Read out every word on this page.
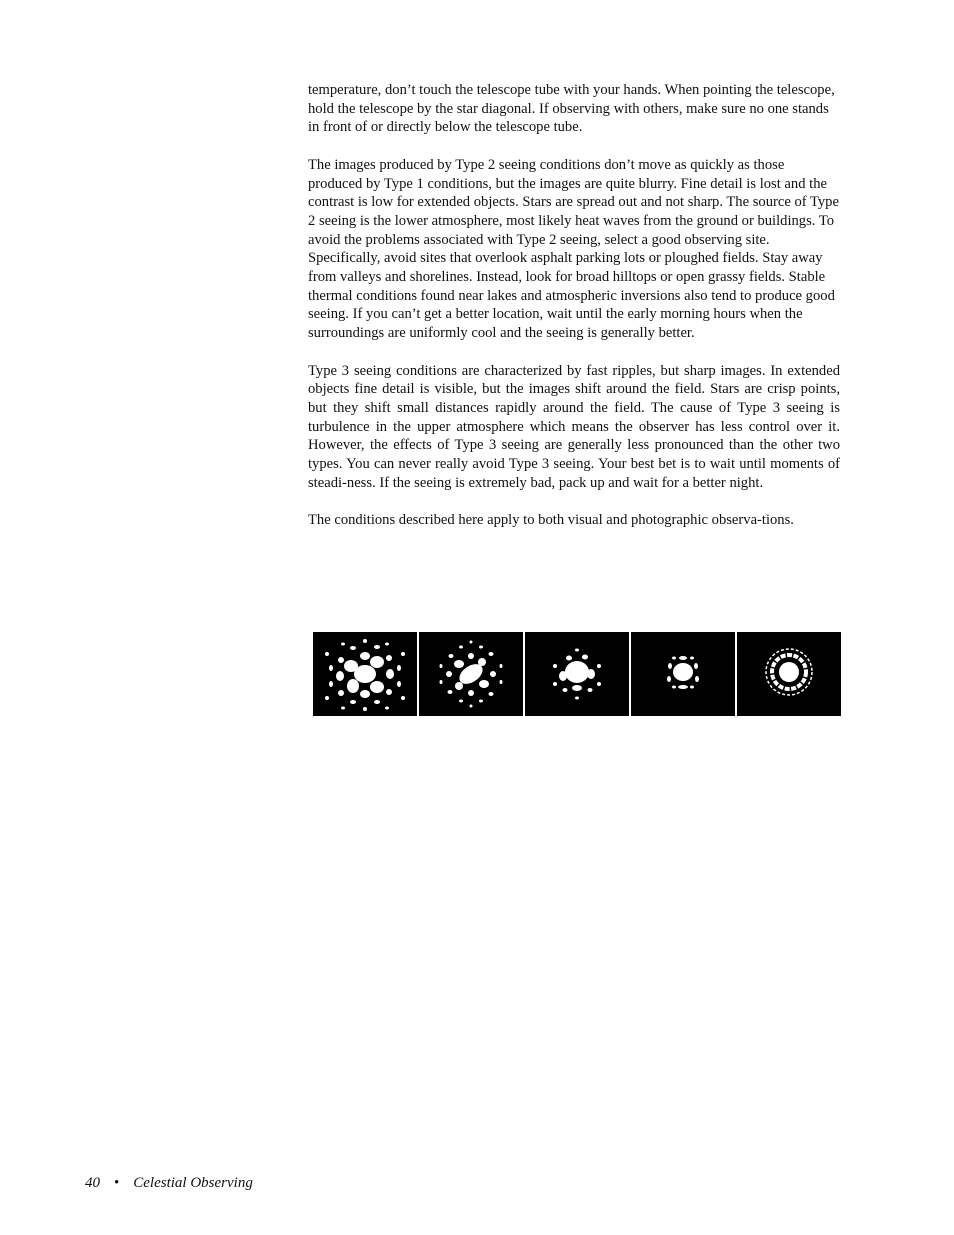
temperature, don’t touch the telescope tube with your hands. When pointing the telescope, hold the telescope by the star diagonal. If observing with others, make sure no one stands in front of or directly below the telescope tube.

The images produced by Type 2 seeing conditions don’t move as quickly as those produced by Type 1 conditions, but the images are quite blurry. Fine detail is lost and the contrast is low for extended objects. Stars are spread out and not sharp. The source of Type 2 seeing is the lower atmosphere, most likely heat waves from the ground or buildings. To avoid the problems associated with Type 2 seeing, select a good observing site. Specifically, avoid sites that overlook asphalt parking lots or ploughed fields. Stay away from valleys and shorelines. Instead, look for broad hilltops or open grassy fields. Stable thermal conditions found near lakes and atmospheric inversions also tend to produce good seeing. If you can’t get a better location, wait until the early morning hours when the surroundings are uniformly cool and the seeing is generally better.

Type 3 seeing conditions are characterized by fast ripples, but sharp images. In extended objects fine detail is visible, but the images shift around the field. Stars are crisp points, but they shift small distances rapidly around the field. The cause of Type 3 seeing is turbulence in the upper atmosphere which means the observer has less control over it. However, the effects of Type 3 seeing are generally less pronounced than the other two types. You can never really avoid Type 3 seeing. Your best bet is to wait until moments of steadi-ness. If the seeing is extremely bad, pack up and wait for a better night.

The conditions described here apply to both visual and photographic observa-tions.

40 • Celestial Observing
